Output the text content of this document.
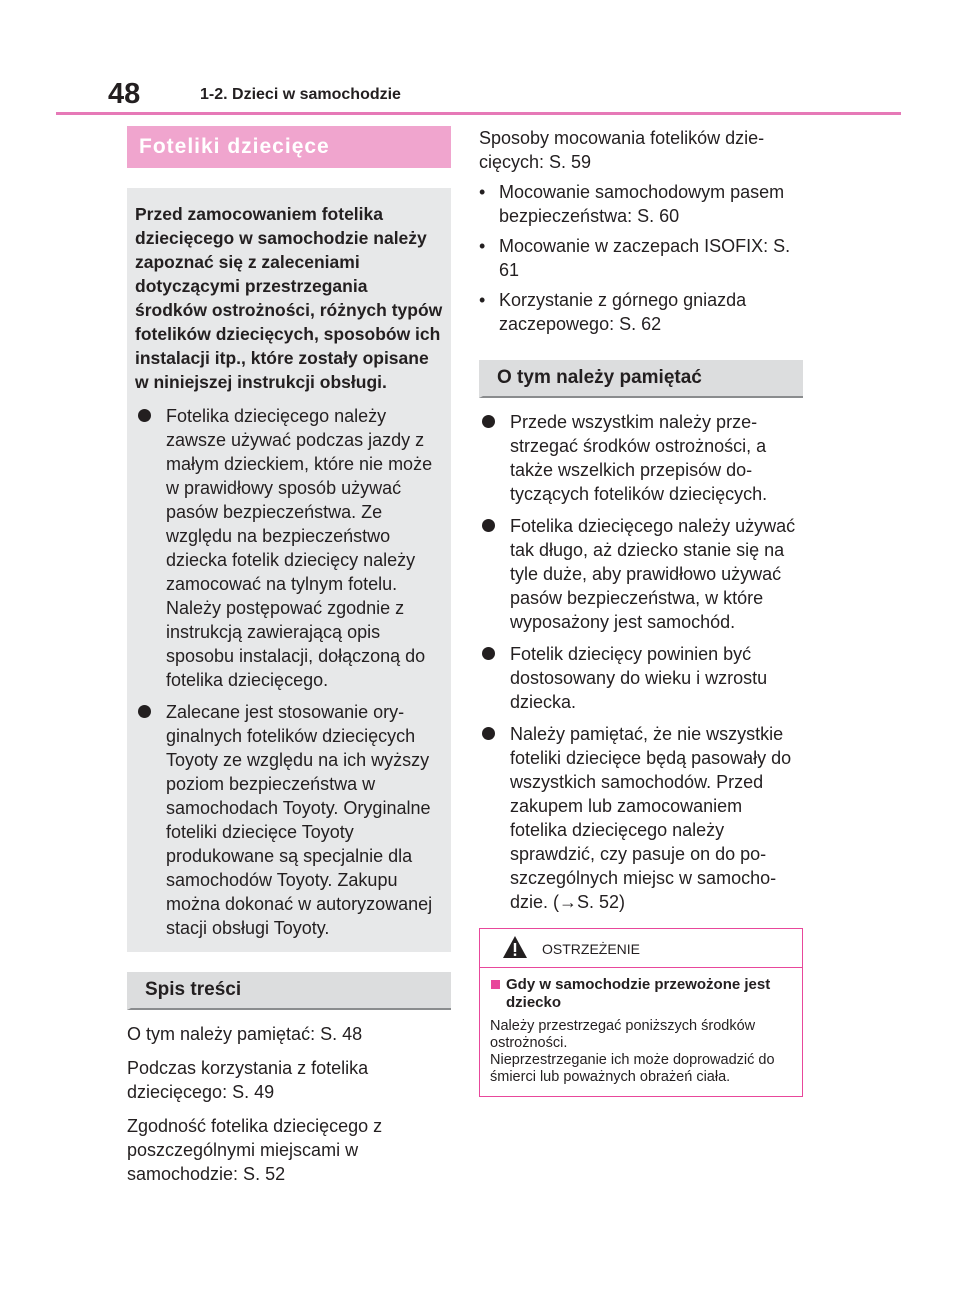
48	1-2. Dzieci w samochodzie
Foteliki dziecięce

Przed zamocowaniem fotelika dziecięcego w samochodzie należy zapoznać się z zaleceniami dotyczącymi przestrzegania środków ostrożności, różnych typów fotelików dziecięcych, sposobów ich instalacji itp., które zostały opisane w niniejszej instrukcji obsługi.

Fotelika dziecięcego należy zawsze używać podczas jazdy z małym dzieckiem, które nie może w prawidłowy sposób używać pasów bezpieczeństwa. Ze względu na bezpieczeństwo dziecka fotelik dziecięcy należy zamocować na tylnym fotelu. Należy postępować zgodnie z instrukcją zawierającą opis sposobu instalacji, dołączoną do fotelika dziecięcego.
Zalecane jest stosowanie oryginalnych fotelików dziecięcych Toyoty ze względu na ich wyższy poziom bezpieczeństwa w samochodach Toyoty. Oryginalne foteliki dziecięce Toyoty produkowane są specjalnie dla samochodów Toyoty. Zakupu można dokonać w autoryzowanej stacji obsługi Toyoty.
Spis treści

O tym należy pamiętać: S. 48

Podczas korzystania z fotelika dziecięcego: S. 49

Zgodność fotelika dziecięcego z poszczególnymi miejscami w samochodzie: S. 52

Sposoby mocowania fotelików dziecięcych: S. 59

• Mocowanie samochodowym pasem bezpieczeństwa: S. 60
• Mocowanie w zaczepach ISOFIX: S. 61
• Korzystanie z górnego gniazda zaczepowego: S. 62
O tym należy pamiętać
Przede wszystkim należy przestrzegać środków ostrożności, a także wszelkich przepisów dotyczących fotelików dziecięcych.
Fotelika dziecięcego należy używać tak długo, aż dziecko stanie się na tyle duże, aby prawidłowo używać pasów bezpieczeństwa, w które wyposażony jest samochód.
Fotelik dziecięcy powinien być dostosowany do wieku i wzrostu dziecka.
Należy pamiętać, że nie wszystkie foteliki dziecięce będą pasowały do wszystkich samochodów. Przed zakupem lub zamocowaniem fotelika dziecięcego należy sprawdzić, czy pasuje on do poszczególnych miejsc w samochodzie. (→S. 52)
OSTRZEŻENIE
Gdy w samochodzie przewożone jest dziecko

Należy przestrzegać poniższych środków ostrożności.

Nieprzestrzeganie ich może doprowadzić do śmierci lub poważnych obrażeń ciała.
